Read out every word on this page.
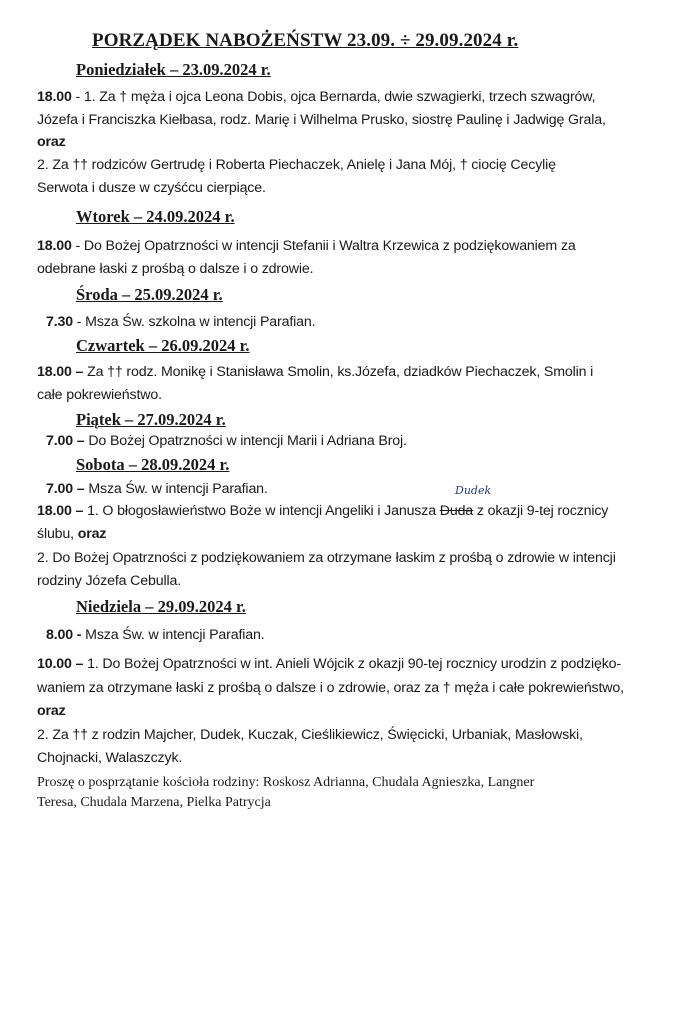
PORZĄDEK NABOŻEŃSTW 23.09. ÷ 29.09.2024 r.
Poniedziałek – 23.09.2024 r.
18.00 - 1. Za † męża i ojca Leona Dobis, ojca Bernarda, dwie szwagierki, trzech szwagrów,
Józefa i Franciszka Kiełbasa, rodz. Marię i Wilhelma Prusko, siostrę Paulinę i Jadwigę Grala,
oraz
2. Za †† rodziców Gertrudę i Roberta Piechaczek, Anielę i Jana Mój, † ciocię Cecylię
Serwota i dusze w czyśćcu cierpiące.
Wtorek – 24.09.2024 r.
18.00 - Do Bożej Opatrzności w intencji Stefanii i Waltra Krzewica z podziękowaniem za
odebrane łaski z prośbą o dalsze i o zdrowie.
Środa – 25.09.2024 r.
7.30 - Msza Św. szkolna w intencji Parafian.
Czwartek – 26.09.2024 r.
18.00 – Za †† rodz. Monikę i Stanisława Smolin, ks.Józefa, dziadków Piechaczek, Smolin i
całe pokrewieństwo.
Piątek – 27.09.2024 r.
7.00 – Do Bożej Opatrzności w intencji Marii i Adriana Broj.
Sobota – 28.09.2024 r.
7.00 – Msza Św. w intencji Parafian.	Dudek
18.00 – 1. O błogosławieństwo Boże w intencji Angeliki i Janusza Duda z okazji 9-tej rocznicy
ślubu, oraz
2. Do Bożej Opatrzności z podziękowaniem za otrzymane łaskim z prośbą o zdrowie w intencji
rodziny Józefa Cebulla.
Niedziela – 29.09.2024 r.
8.00 - Msza Św. w intencji Parafian.
10.00 – 1. Do Bożej Opatrzności w int. Anieli Wójcik z okazji 90-tej rocznicy urodzin z podzięko-
waniem za otrzymane łaski z prośbą o dalsze i o zdrowie, oraz za † męża i całe pokrewieństwo,
oraz
2. Za †† z rodzin Majcher, Dudek, Kuczak, Cieślikiewicz, Święcicki, Urbaniak, Masłowski,
Chojnacki, Walaszczyk.
Proszę o posprzątanie kościoła rodziny: Roskosz Adrianna, Chudala Agnieszka, Langner
Teresa, Chudala Marzena, Pielka Patrycja
